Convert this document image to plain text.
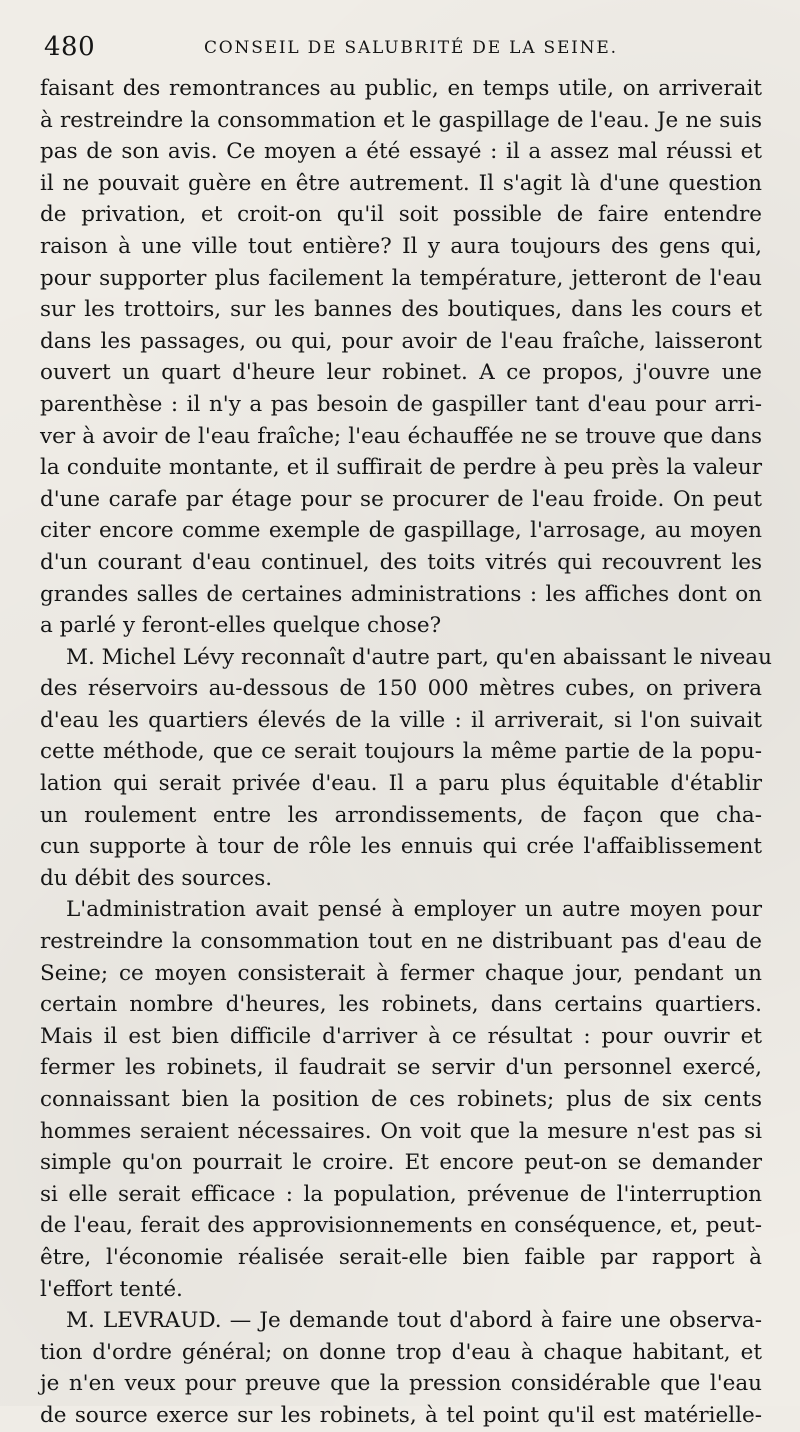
480	CONSEIL DE SALUBRITÉ DE LA SEINE.
faisant des remontrances au public, en temps utile, on arriverait
à restreindre la consommation et le gaspillage de l'eau. Je ne suis
pas de son avis. Ce moyen a été essayé : il a assez mal réussi et
il ne pouvait guère en être autrement. Il s'agit là d'une question
de privation, et croit-on qu'il soit possible de faire entendre
raison à une ville tout entière? Il y aura toujours des gens qui,
pour supporter plus facilement la température, jetteront de l'eau
sur les trottoirs, sur les bannes des boutiques, dans les cours et
dans les passages, ou qui, pour avoir de l'eau fraîche, laisseront
ouvert un quart d'heure leur robinet. A ce propos, j'ouvre une
parenthèse : il n'y a pas besoin de gaspiller tant d'eau pour arri-
ver à avoir de l'eau fraîche; l'eau échauffée ne se trouve que dans
la conduite montante, et il suffirait de perdre à peu près la valeur
d'une carafe par étage pour se procurer de l'eau froide. On peut
citer encore comme exemple de gaspillage, l'arrosage, au moyen
d'un courant d'eau continuel, des toits vitrés qui recouvrent les
grandes salles de certaines administrations : les affiches dont on
a parlé y feront-elles quelque chose?
M. Michel Lévy reconnaît d'autre part, qu'en abaissant le niveau
des réservoirs au-dessous de 150 000 mètres cubes, on privera
d'eau les quartiers élevés de la ville : il arriverait, si l'on suivait
cette méthode, que ce serait toujours la même partie de la popu-
lation qui serait privée d'eau. Il a paru plus équitable d'établir
un roulement entre les arrondissements, de façon que cha-
cun supporte à tour de rôle les ennuis qui crée l'affaiblissement
du débit des sources.
L'administration avait pensé à employer un autre moyen pour
restreindre la consommation tout en ne distribuant pas d'eau de
Seine; ce moyen consisterait à fermer chaque jour, pendant un
certain nombre d'heures, les robinets, dans certains quartiers.
Mais il est bien difficile d'arriver à ce résultat : pour ouvrir et
fermer les robinets, il faudrait se servir d'un personnel exercé,
connaissant bien la position de ces robinets; plus de six cents
hommes seraient nécessaires. On voit que la mesure n'est pas si
simple qu'on pourrait le croire. Et encore peut-on se demander
si elle serait efficace : la population, prévenue de l'interruption
de l'eau, ferait des approvisionnements en conséquence, et, peut-
être, l'économie réalisée serait-elle bien faible par rapport à
l'effort tenté.
M. LEVRAUD. — Je demande tout d'abord à faire une observa-
tion d'ordre général; on donne trop d'eau à chaque habitant, et
je n'en veux pour preuve que la pression considérable que l'eau
de source exerce sur les robinets, à tel point qu'il est matérielle-
